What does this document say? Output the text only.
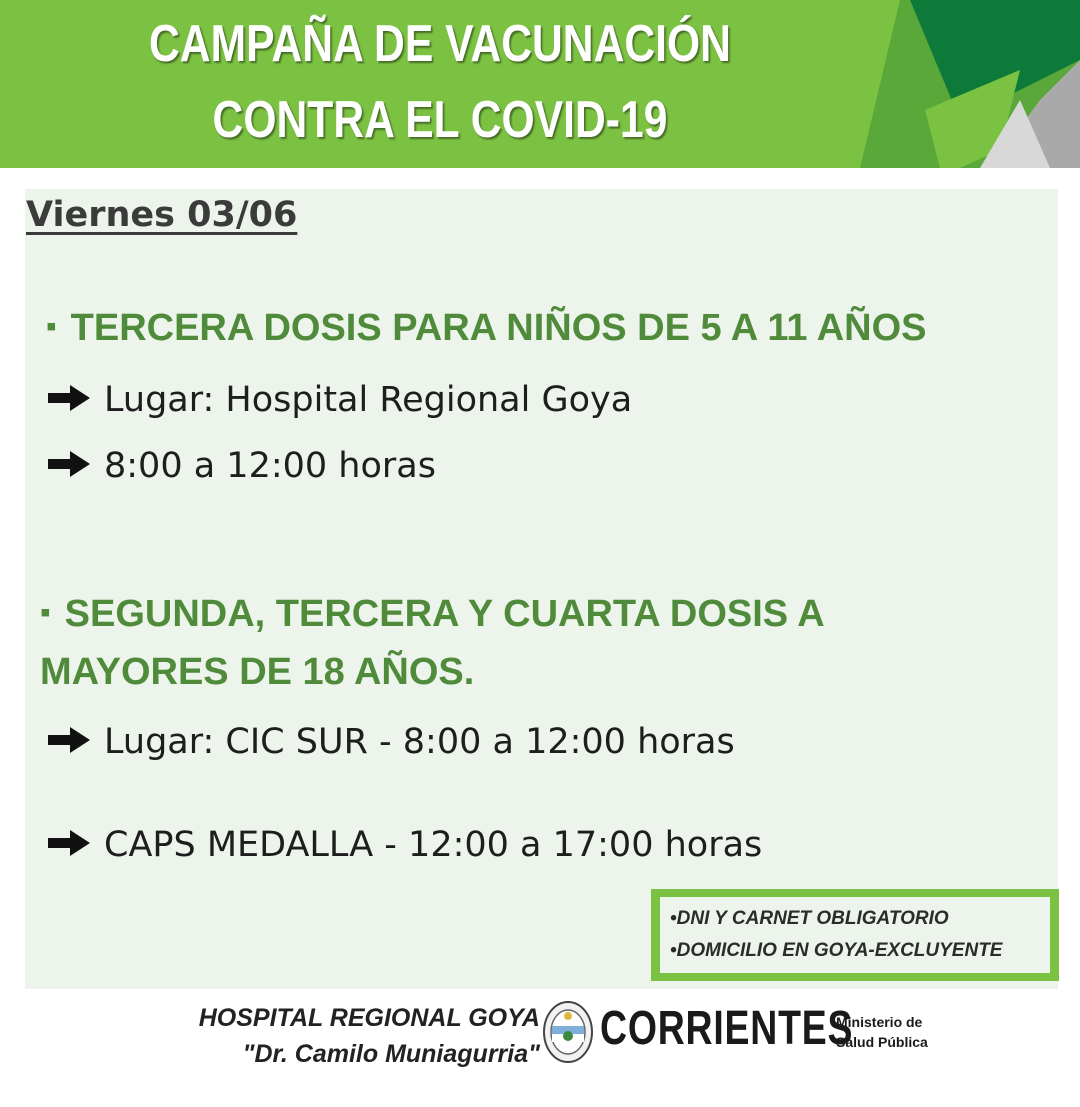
CAMPAÑA DE VACUNACIÓN
CONTRA EL COVID-19
Viernes 03/06
▪ TERCERA DOSIS PARA NIÑOS DE 5 A 11 AÑOS

Lugar: Hospital Regional Goya

8:00 a 12:00 horas

▪ SEGUNDA, TERCERA Y CUARTA DOSIS A
MAYORES DE 18 AÑOS.

Lugar: CIC SUR - 8:00 a 12:00 horas

CAPS MEDALLA - 12:00 a 17:00 horas

•DNI Y CARNET OBLIGATORIO

•DOMICILIO EN GOYA-EXCLUYENTE

HOSPITAL REGIONAL GOYA
"Dr. Camilo Muniagurria" CORRIENTES

Ministerio de
Salud Pública
